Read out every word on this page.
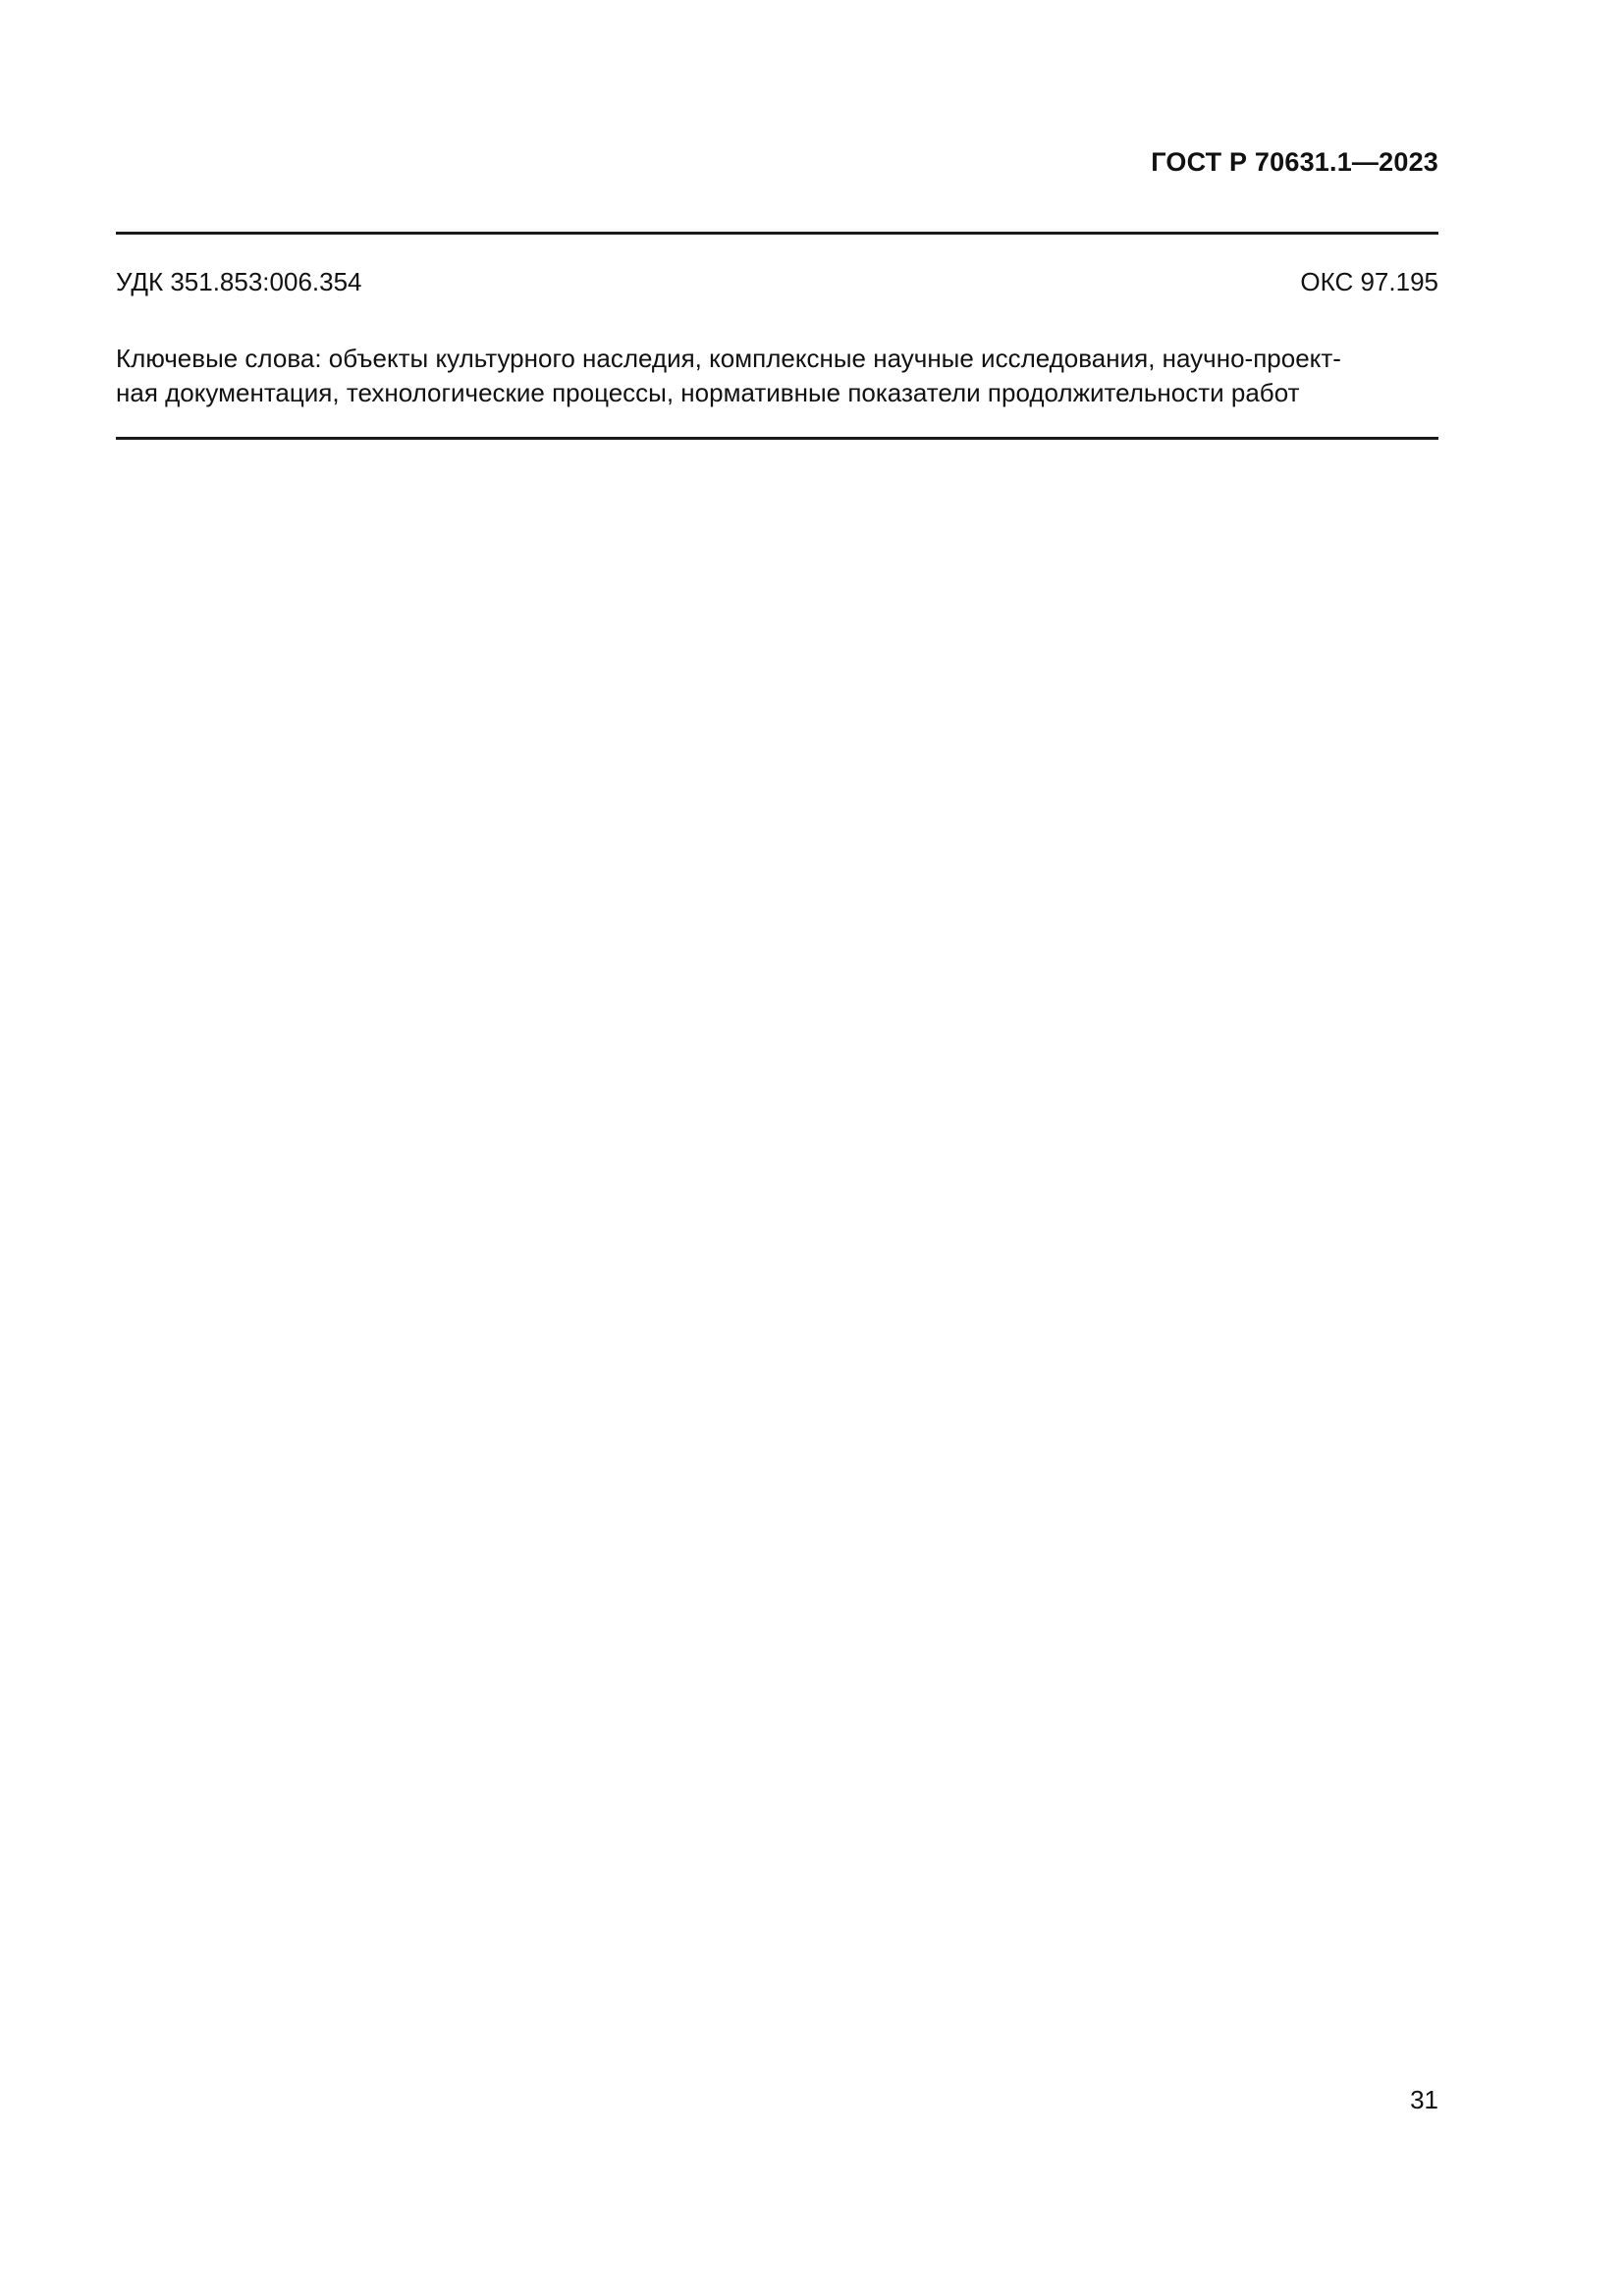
ГОСТ Р 70631.1—2023
УДК 351.853:006.354	ОКС 97.195
Ключевые слова: объекты культурного наследия, комплексные научные исследования, научно-проект-
ная документация, технологические процессы, нормативные показатели продолжительности работ
31
